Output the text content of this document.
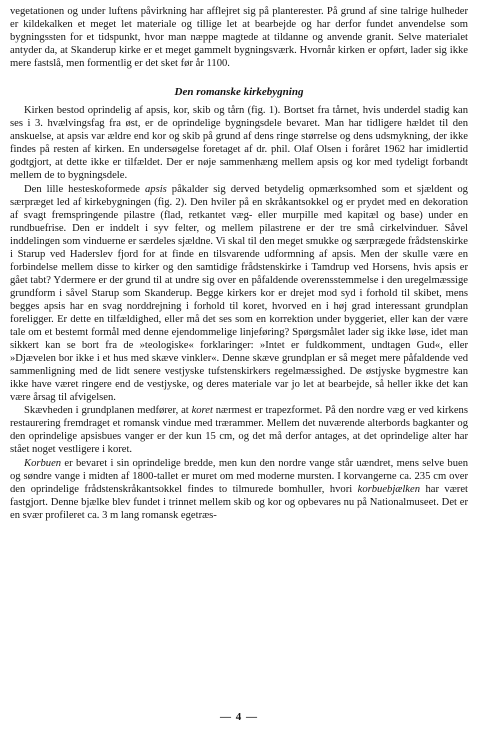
vegetationen og under luftens påvirkning har afflejret sig på planterester. På grund af sine talrige hulheder er kildekalken et meget let materiale og tillige let at bearbejde og har derfor fundet anvendelse som bygningssten for et tidspunkt, hvor man næppe magtede at tildanne og anvende granit. Selve materialet antyder da, at Skanderup kirke er et meget gammelt bygningsværk. Hvornår kirken er opført, lader sig ikke mere fastslå, men formentlig er det sket før år 1100.

Den romanske kirkebygning

Kirken bestod oprindelig af apsis, kor, skib og tårn (fig. 1). Bortset fra tårnet, hvis underdel stadig kan ses i 3. hvælvingsfag fra øst, er de oprindelige bygningsdele bevaret. Man har tidligere hældet til den anskuelse, at apsis var ældre end kor og skib på grund af dens ringe størrelse og dens udsmykning, der ikke findes på resten af kirken. En undersøgelse foretaget af dr. phil. Olaf Olsen i foråret 1962 har imidlertid godtgjort, at dette ikke er tilfældet. Der er nøje sammenhæng mellem apsis og kor med tydeligt forbandt mellem de to bygningsdele.

Den lille hesteskoformede apsis påkalder sig derved betydelig opmærksomhed som et sjældent og særpræget led af kirkebygningen (fig. 2). Den hviler på en skråkantsokkel og er prydet med en dekoration af svagt fremspringende pilastre (flad, retkantet væg- eller murpille med kapitæl og base) under en rundbuefrise. Den er inddelt i syv felter, og mellem pilastrene er der tre små cirkelvinduer. Såvel inddelingen som vinduerne er særdeles sjældne. Vi skal til den meget smukke og særprægede frådstenskirke i Starup ved Haderslev fjord for at finde en tilsvarende udformning af apsis. Men der skulle være en forbindelse mellem disse to kirker og den samtidige frådstenskirke i Tamdrup ved Horsens, hvis apsis er gået tabt? Ydermere er der grund til at undre sig over en påfaldende overensstemmelse i den uregelmæssige grundform i såvel Starup som Skanderup. Begge kirkers kor er drejet mod syd i forhold til skibet, mens begges apsis har en svag norddrejning i forhold til koret, hvorved en i høj grad interessant grundplan foreligger. Er dette en tilfældighed, eller må det ses som en korrektion under byggeriet, eller kan der være tale om et bestemt formål med denne ejendommelige linjeføring? Spørgsmålet lader sig ikke løse, idet man sikkert kan se bort fra de »teologiske« forklaringer: »Intet er fuldkomment, undtagen Gud«, eller »Djævelen bor ikke i et hus med skæve vinkler«. Denne skæve grundplan er så meget mere påfaldende ved sammenligning med de lidt senere vestjyske tufstenskirkers regelmæssighed. De østjyske bygmestre kan ikke have været ringere end de vestjyske, og deres materiale var jo let at bearbejde, så heller ikke det kan være årsag til afvigelsen.

Skævheden i grundplanen medfører, at koret nærmest er trapezformet. På den nordre væg er ved kirkens restaurering fremdraget et romansk vindue med trærammer. Mellem det nuværende alterbords bagkanter og den oprindelige apsisbues vanger er der kun 15 cm, og det må derfor antages, at det oprindelige alter har stået noget vestligere i koret.

Korbuen er bevaret i sin oprindelige bredde, men kun den nordre vange står uændret, mens selve buen og søndre vange i midten af 1800-tallet er muret om med moderne mursten. I korvangerne ca. 235 cm over den oprindelige frådstenskråkantsokkel findes to tilmurede bomhuller, hvori korbuebjælken har været fastgjort. Denne bjælke blev fundet i trinnet mellem skib og kor og opbevares nu på Nationalmuseet. Det er en svær profileret ca. 3 m lang romansk egetræs-

— 4 —
